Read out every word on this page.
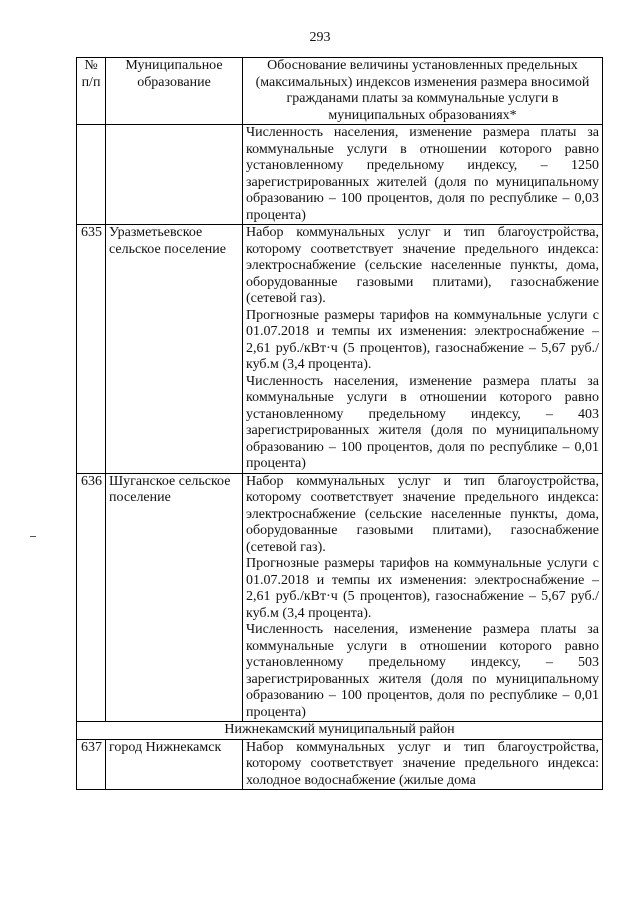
293
№ п/п	Муниципальное образование	Обоснование величины установленных предельных (максимальных) индексов изменения размера вносимой гражданами платы за коммунальные услуги в муниципальных образованиях*

		Численность населения, изменение размера платы за коммунальные услуги в отношении которого равно установленному предельному индексу, – 1250 зарегистрированных жителей (доля по муниципальному образованию – 100 процентов, доля по республике – 0,03 процента)

635	Уразметьевское сельское поселение	Набор коммунальных услуг и тип благоустройства, которому соответствует значение предельного индекса: электроснабжение (сельские населенные пункты, дома, оборудованные газовыми плитами), газоснабжение (сетевой газ).

Прогнозные размеры тарифов на коммунальные услуги с 01.07.2018 и темпы их изменения: электроснабжение – 2,61 руб./кВт·ч (5 процентов), газоснабжение – 5,67 руб./куб.м (3,4 процента).

Численность населения, изменение размера платы за коммунальные услуги в отношении которого равно установленному предельному индексу, – 403 зарегистрированных жителя (доля по муниципальному образованию – 100 процентов, доля по республике – 0,01 процента)

636	Шуганское сельское поселение	Набор коммунальных услуг и тип благоустройства, которому соответствует значение предельного индекса: электроснабжение (сельские населенные пункты, дома, оборудованные газовыми плитами), газоснабжение (сетевой газ).

Прогнозные размеры тарифов на коммунальные услуги с 01.07.2018 и темпы их изменения: электроснабжение – 2,61 руб./кВт·ч (5 процентов), газоснабжение – 5,67 руб./куб.м (3,4 процента).

Численность населения, изменение размера платы за коммунальные услуги в отношении которого равно установленному предельному индексу, – 503 зарегистрированных жителя (доля по муниципальному образованию – 100 процентов, доля по республике – 0,01 процента)

Нижнекамский муниципальный район		
637	город Нижнекамск	Набор коммунальных услуг и тип благоустройства, которому соответствует значение предельного индекса: холодное водоснабжение (жилые дома
